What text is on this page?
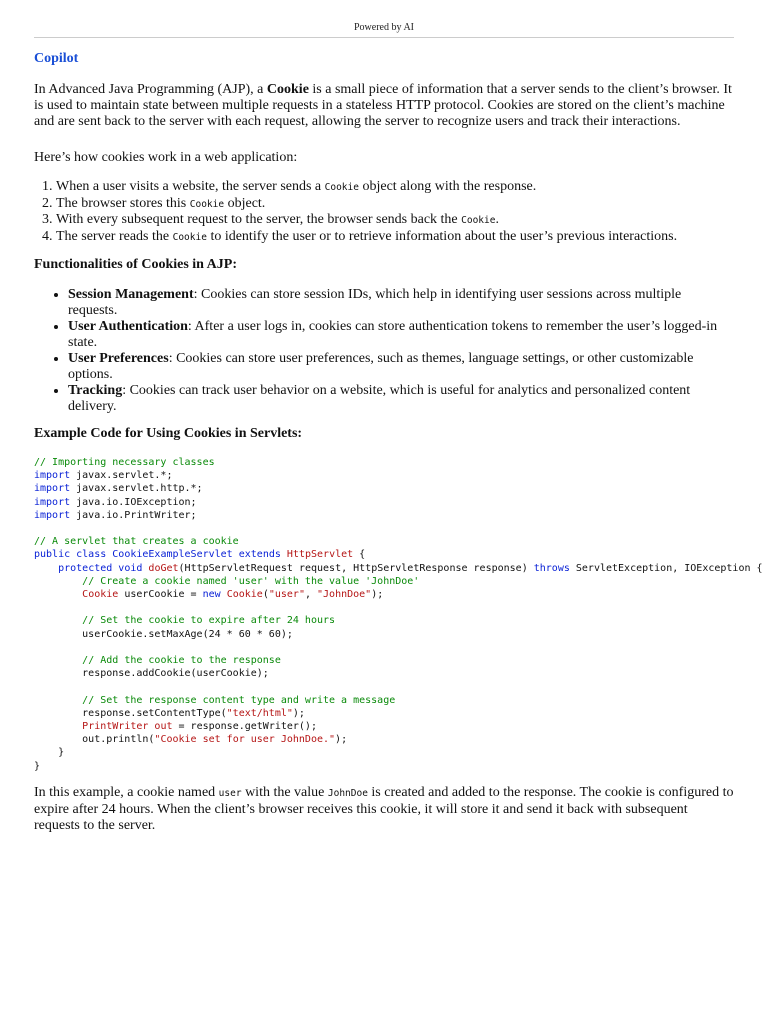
Powered by AI
Copilot

In Advanced Java Programming (AJP), a Cookie is a small piece of information that a server sends to the client’s browser. It is used to maintain state between multiple requests in a stateless HTTP protocol. Cookies are stored on the client’s machine and are sent back to the server with each request, allowing the server to recognize users and track their interactions.

Here’s how cookies work in a web application:

1. When a user visits a website, the server sends a Cookie object along with the response.
2. The browser stores this Cookie object.
3. With every subsequent request to the server, the browser sends back the Cookie.
4. The server reads the Cookie to identify the user or to retrieve information about the user’s previous interactions.
Functionalities of Cookies in AJP:
• Session Management: Cookies can store session IDs, which help in identifying user sessions across multiple requests.
• User Authentication: After a user logs in, cookies can store authentication tokens to remember the user’s logged-in state.
• User Preferences: Cookies can store user preferences, such as themes, language settings, or other customizable options.
• Tracking: Cookies can track user behavior on a website, which is useful for analytics and personalized content delivery.
Example Code for Using Cookies in Servlets:
// Importing necessary classes
import javax.servlet.*;
import javax.servlet.http.*;
import java.io.IOException;
import java.io.PrintWriter;

// A servlet that creates a cookie
public class CookieExampleServlet extends HttpServlet {
protected void doGet(HttpServletRequest request, HttpServletResponse response) throws ServletException, IOException {
// Create a cookie named 'user' with the value 'JohnDoe'
Cookie userCookie = new Cookie("user", "JohnDoe");

// Set the cookie to expire after 24 hours
userCookie.setMaxAge(24 * 60 * 60);

// Add the cookie to the response
response.addCookie(userCookie);

// Set the response content type and write a message
response.setContentType("text/html");
PrintWriter out = response.getWriter();
out.println("Cookie set for user JohnDoe.");
}
}

In this example, a cookie named user with the value JohnDoe is created and added to the response. The cookie is configured to expire after 24 hours. When the client’s browser receives this cookie, it will store it and send it back with subsequent requests to the server.
